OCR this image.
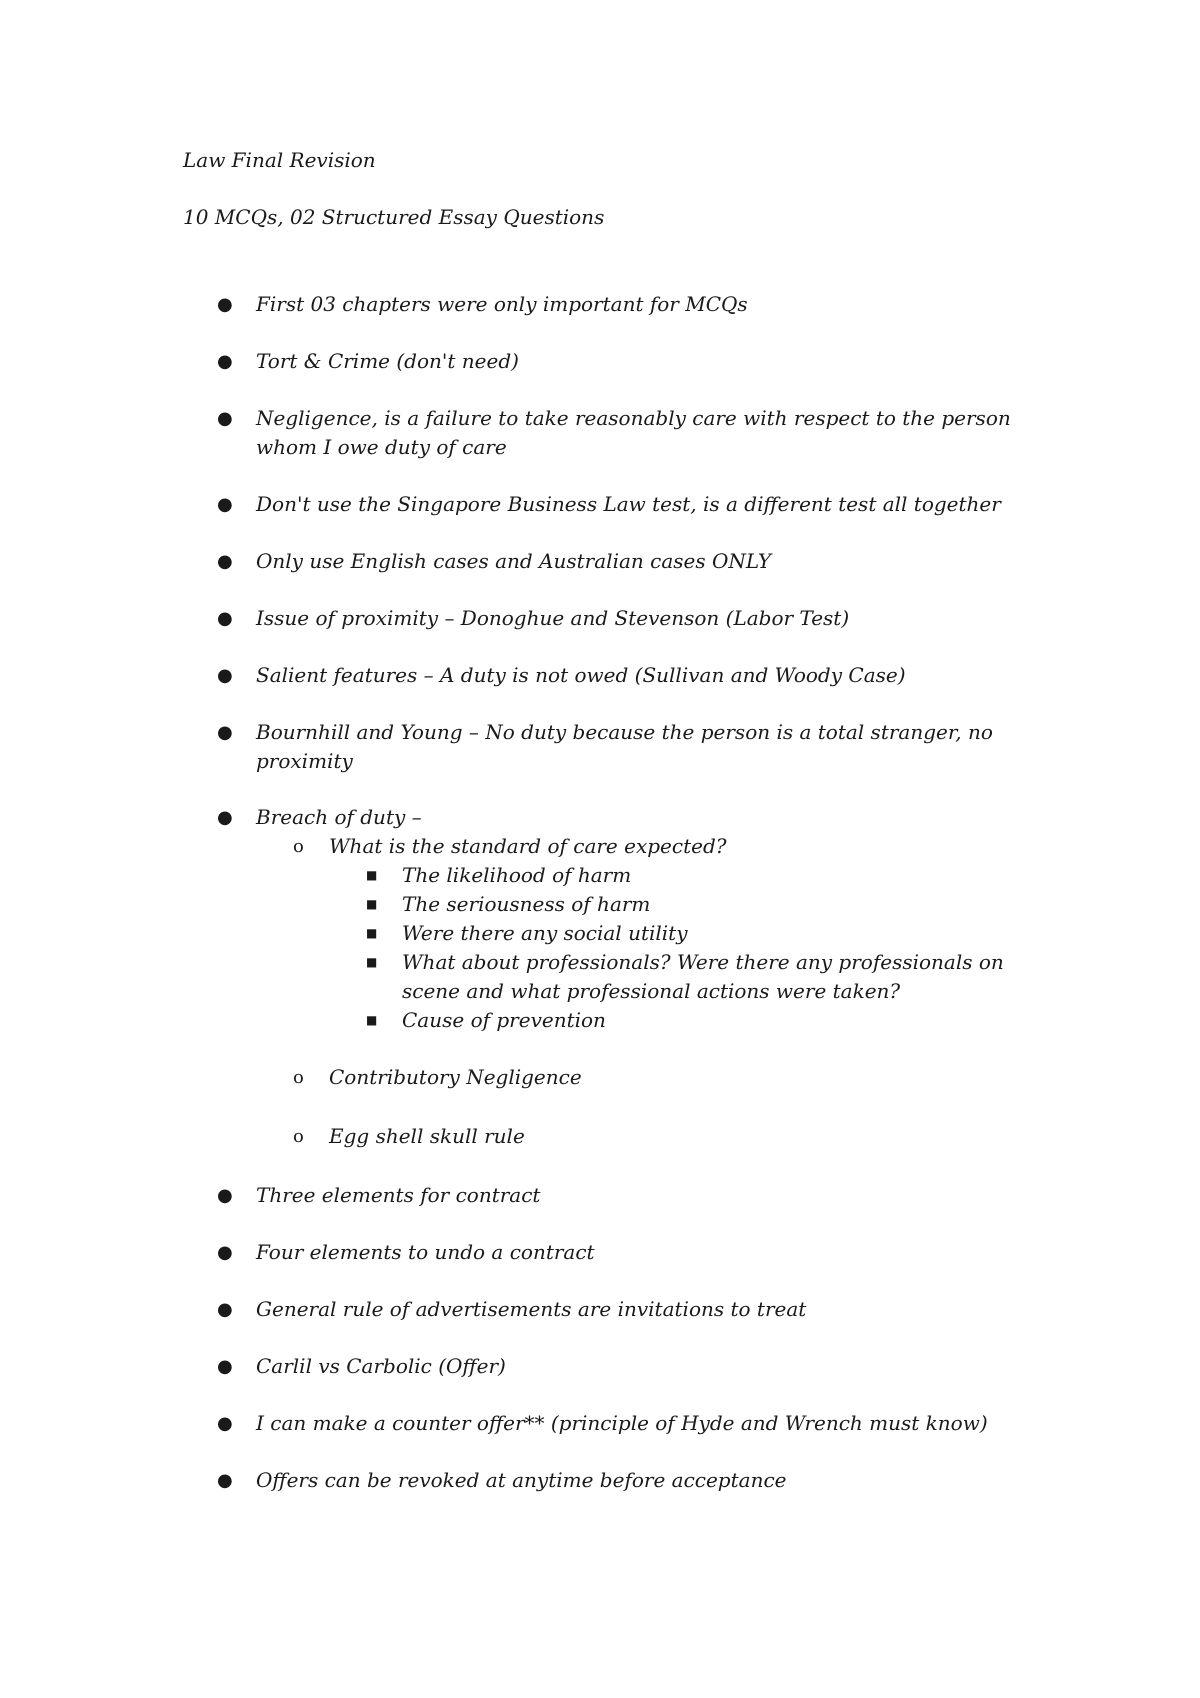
Law Final Revision

10 MCQs, 02 Structured Essay Questions

● First 03 chapters were only important for MCQs
● Tort & Crime (don't need)
● Negligence, is a failure to take reasonably care with respect to the person whom I owe duty of care
● Don't use the Singapore Business Law test, is a different test all together
● Only use English cases and Australian cases ONLY
● Issue of proximity – Donoghue and Stevenson (Labor Test)
● Salient features – A duty is not owed (Sullivan and Woody Case)
● Bournhill and Young – No duty because the person is a total stranger, no proximity
● Breach of duty –
o What is the standard of care expected?
■ The likelihood of harm
■ The seriousness of harm
■ Were there any social utility
■ What about professionals? Were there any professionals on scene and what professional actions were taken?
■ Cause of prevention
o Contributory Negligence
o Egg shell skull rule
● Three elements for contract
● Four elements to undo a contract
● General rule of advertisements are invitations to treat
● Carlil vs Carbolic (Offer)
● I can make a counter offer** (principle of Hyde and Wrench must know)
● Offers can be revoked at anytime before acceptance
